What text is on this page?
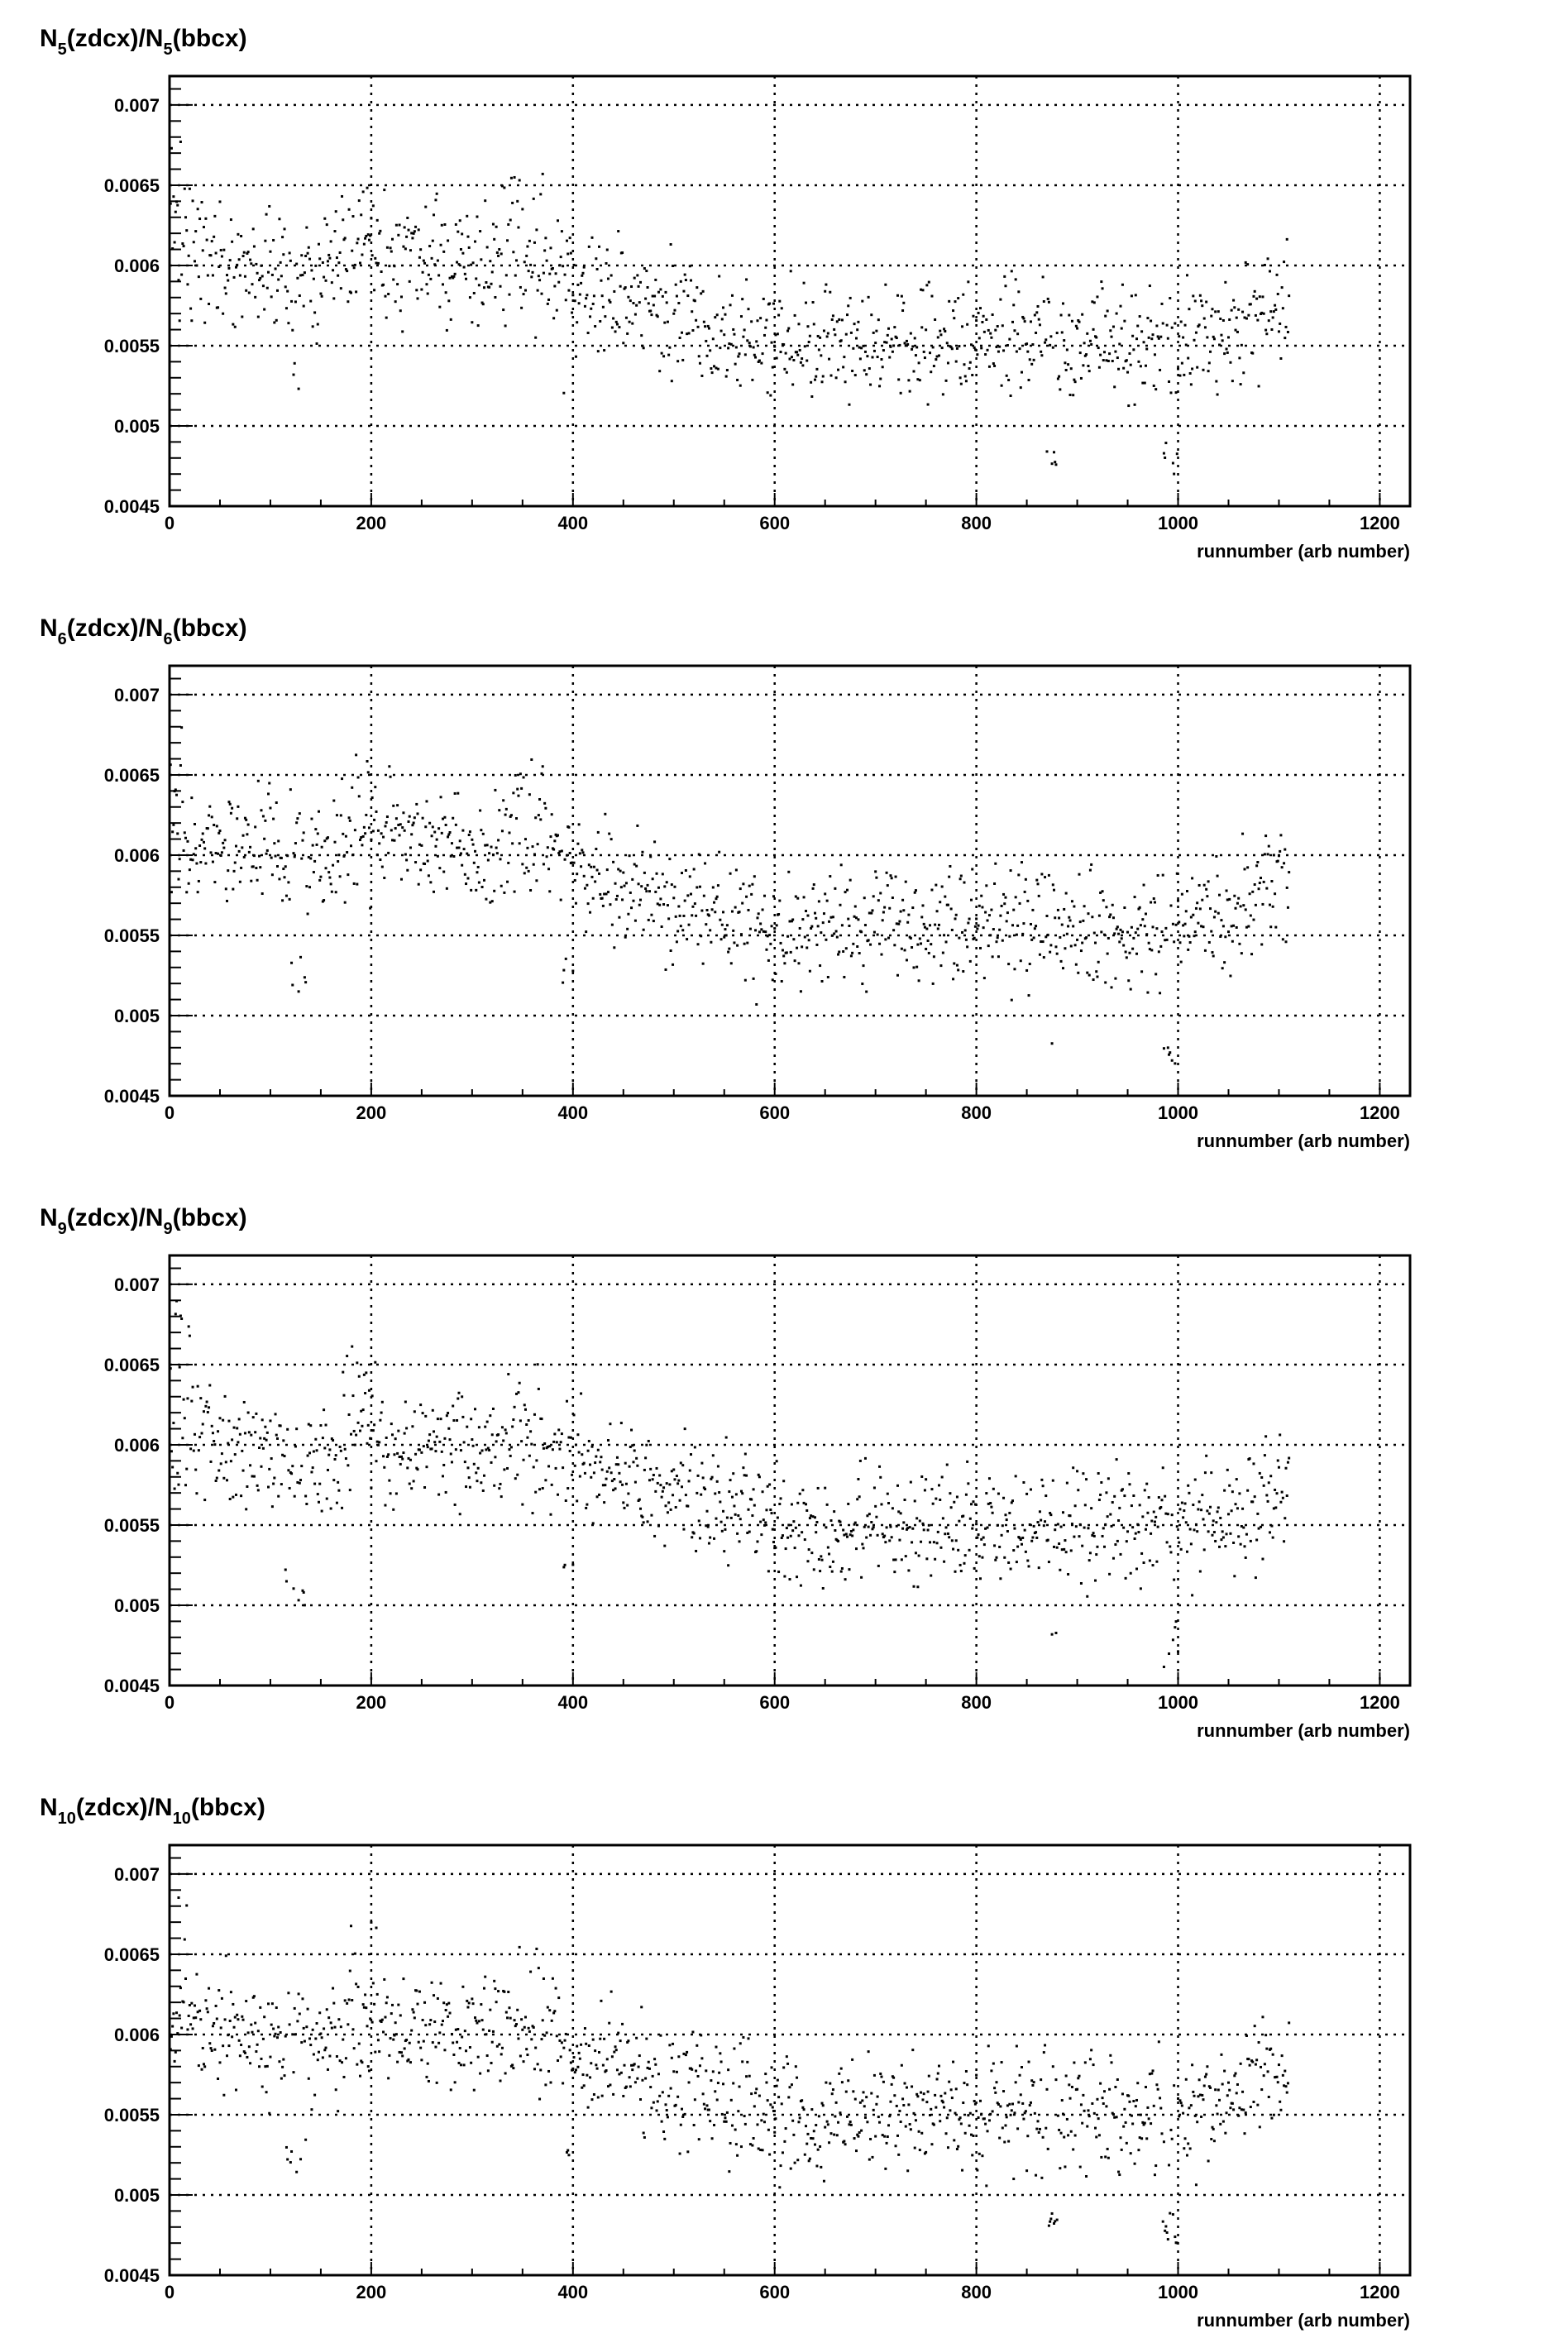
$N_5(zdcx)/N_5(bbcx)$
0	200	400	600	800	1000	1200
0.0045
0.005
0.0055
0.006
0.0065
0.007
runnumber (arb number)
$N_6(zdcx)/N_6(bbcx)$
0	200	400	600	800	1000	1200
0.0045
0.005
0.0055
0.006
0.0065
0.007
runnumber (arb number)
$N_9(zdcx)/N_9(bbcx)$
0	200	400	600	800	1000	1200
0.0045
0.005
0.0055
0.006
0.0065
0.007
runnumber (arb number)
$N_{10}(zdcx)/N_{10}(bbcx)$
0	200	400	600	800	1000	1200
0.0045
0.005
0.0055
0.006
0.0065
0.007
runnumber (arb number)
